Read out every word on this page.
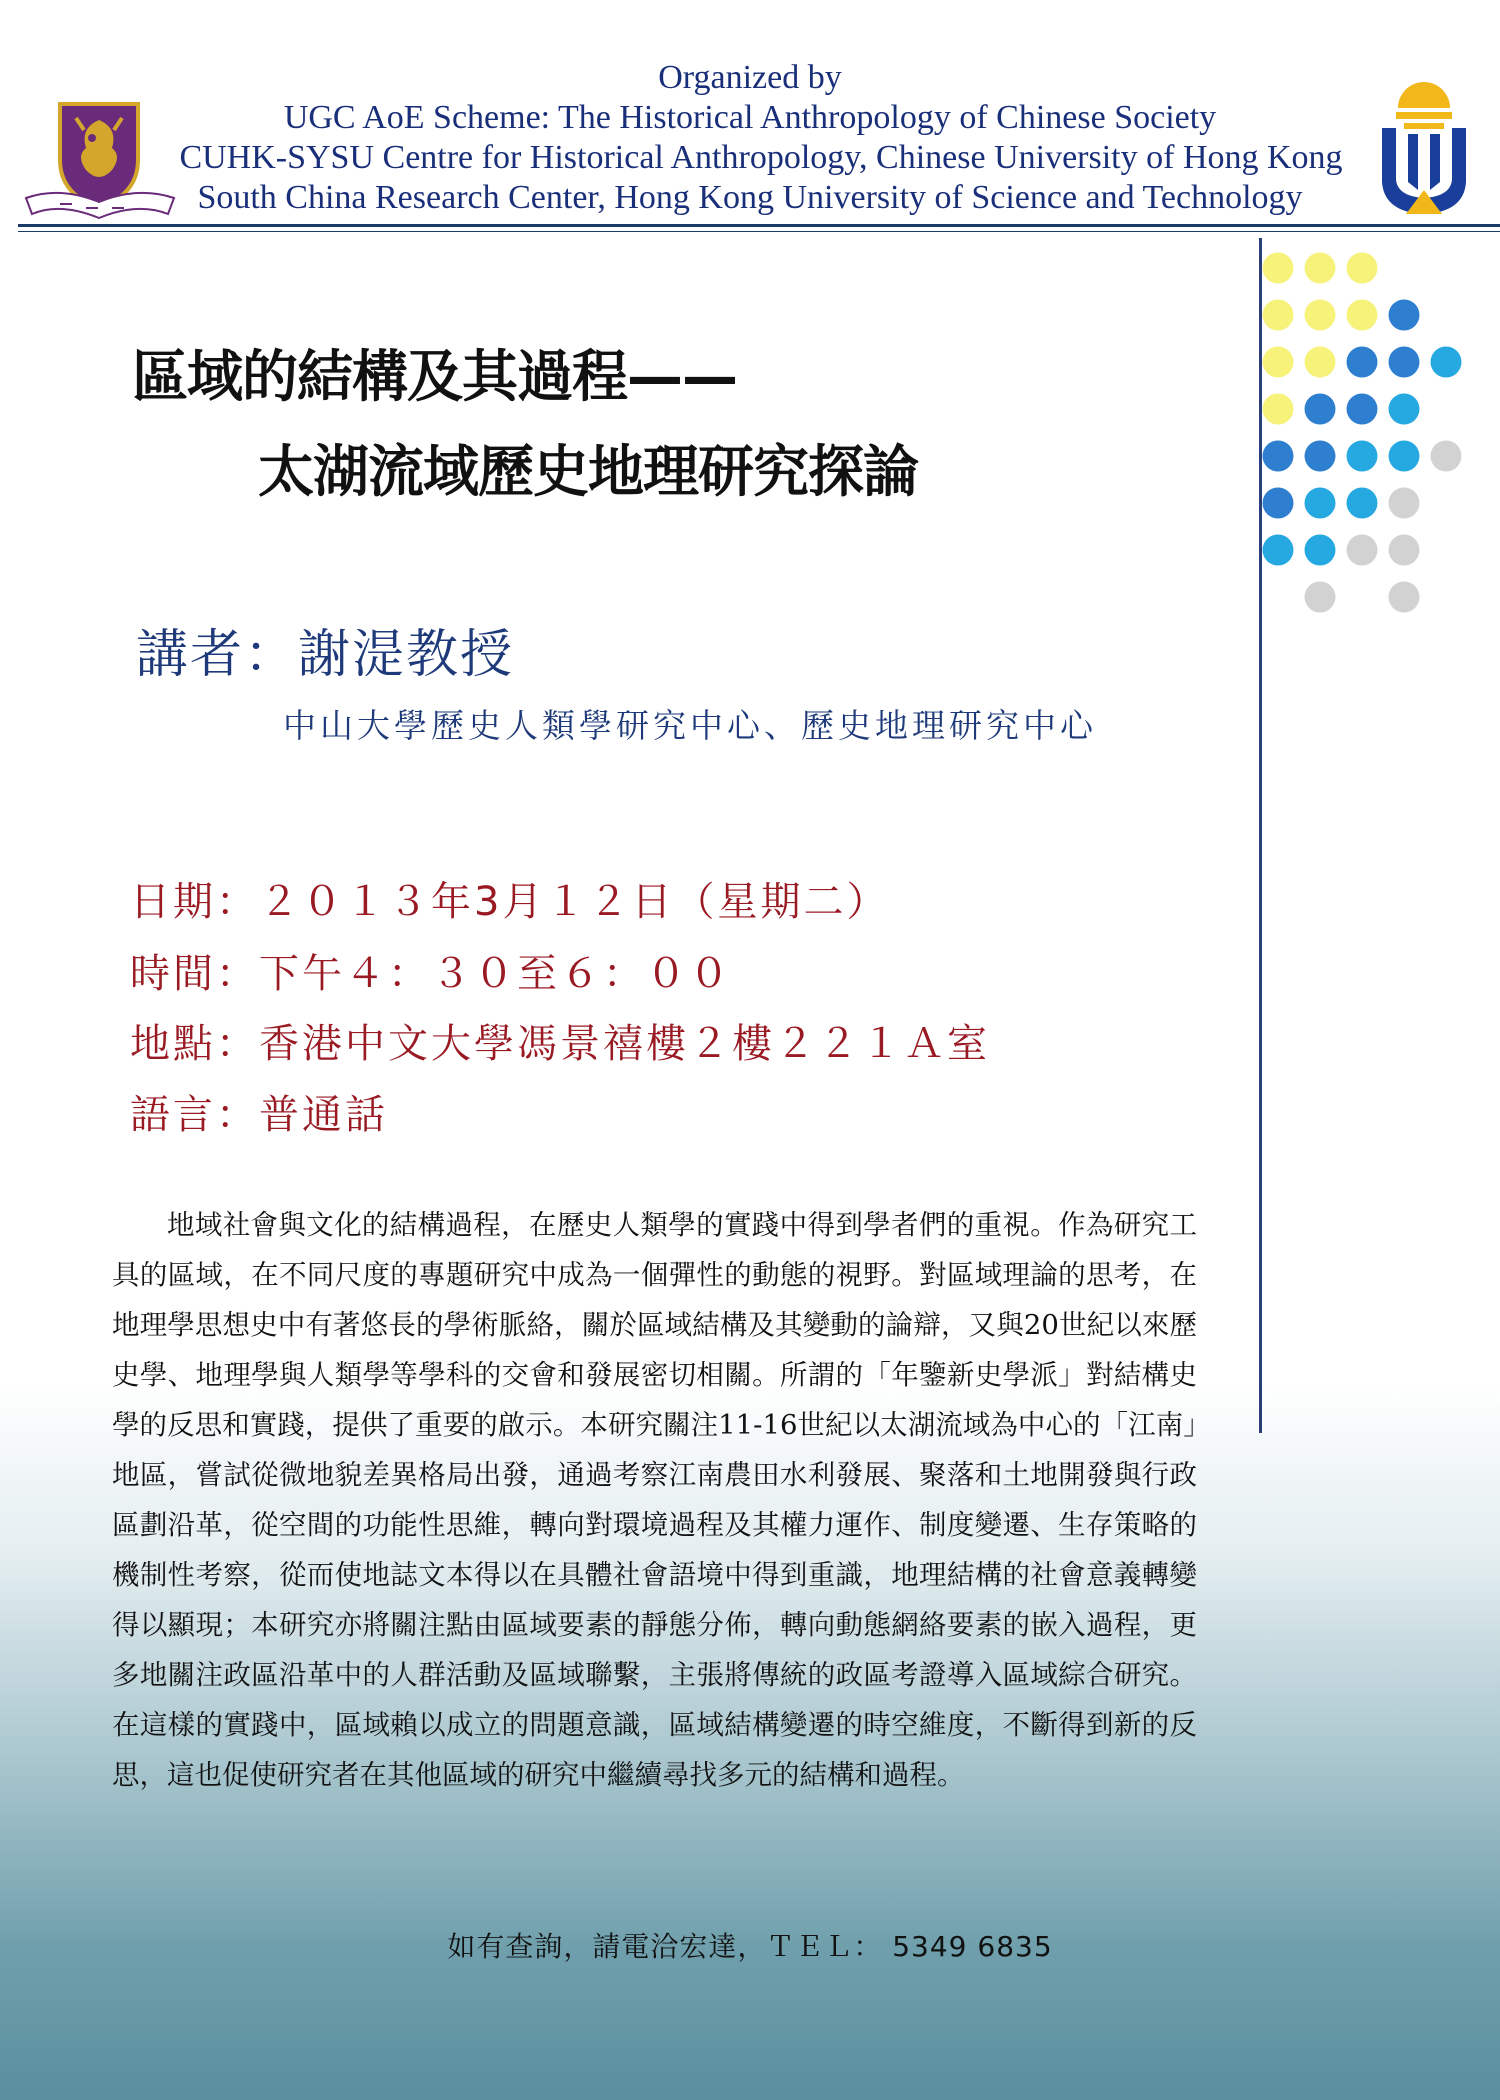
Organized by
UGC AoE Scheme: The Historical Anthropology of Chinese Society
CUHK-SYSU Centre for Historical Anthropology, Chinese University of Hong Kong
South China Research Center, Hong Kong University of Science and Technology
區域的結構及其過程——
太湖流域歷史地理研究探論
講者：謝湜教授
中山大學歷史人類學研究中心、歷史地理研究中心
日期：２０１３年3月１２日（星期二）
時間：下午４：３０至６：００
地點：香港中文大學馮景禧樓２樓２２１Ａ室
語言：普通話

地域社會與文化的結構過程，在歷史人類學的實踐中得到學者們的重視。作為研究工具的區域，在不同尺度的專題研究中成為一個彈性的動態的視野。對區域理論的思考，在地理學思想史中有著悠長的學術脈絡，關於區域結構及其變動的論辯，又與20世紀以來歷史學、地理學與人類學等學科的交會和發展密切相關。所謂的「年鑒新史學派」對結構史學的反思和實踐，提供了重要的啟示。本研究關注11-16世紀以太湖流域為中心的「江南」地區，嘗試從微地貌差異格局出發，通過考察江南農田水利發展、聚落和土地開發與行政區劃沿革，從空間的功能性思維，轉向對環境過程及其權力運作、制度變遷、生存策略的機制性考察，從而使地誌文本得以在具體社會語境中得到重識，地理結構的社會意義轉變得以顯現；本研究亦將關注點由區域要素的靜態分佈，轉向動態網絡要素的嵌入過程，更多地關注政區沿革中的人群活動及區域聯繫，主張將傳統的政區考證導入區域綜合研究。在這樣的實踐中，區域賴以成立的問題意識，區域結構變遷的時空維度，不斷得到新的反思，這也促使研究者在其他區域的研究中繼續尋找多元的結構和過程。

如有查詢，請電洽宏達，ＴＥＬ： 5349 6835
